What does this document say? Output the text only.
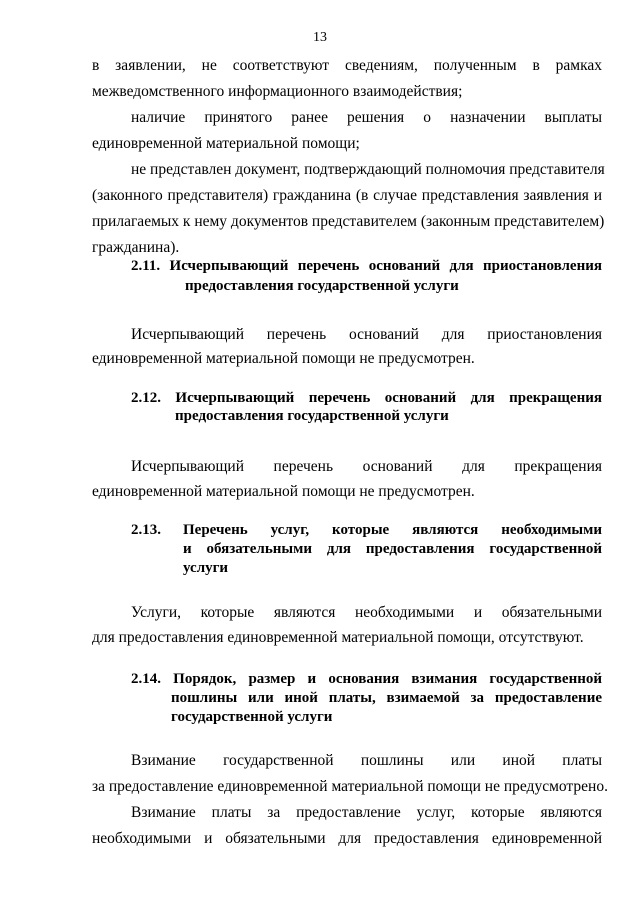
13
в заявлении, не соответствуют сведениям, полученным в рамках
межведомственного информационного взаимодействия;
наличие принятого ранее решения о назначении выплаты
единовременной материальной помощи;
не представлен документ, подтверждающий полномочия представителя
(законного представителя) гражданина (в случае представления заявления и
прилагаемых к нему документов представителем (законным представителем)
гражданина).
2.11. Исчерпывающий перечень оснований для приостановления
предоставления государственной услуги
Исчерпывающий перечень оснований для приостановления
единовременной материальной помощи не предусмотрен.
2.12. Исчерпывающий перечень оснований для прекращения
предоставления государственной услуги
Исчерпывающий перечень оснований для прекращения
единовременной материальной помощи не предусмотрен.
2.13. Перечень услуг, которые являются необходимыми
и обязательными для предоставления государственной
услуги
Услуги, которые являются необходимыми и обязательными
для предоставления единовременной материальной помощи, отсутствуют.
2.14. Порядок, размер и основания взимания государственной
пошлины или иной платы, взимаемой за предоставление
государственной услуги
Взимание государственной пошлины или иной платы
за предоставление единовременной материальной помощи не предусмотрено.
Взимание платы за предоставление услуг, которые являются
необходимыми и обязательными для предоставления единовременной
